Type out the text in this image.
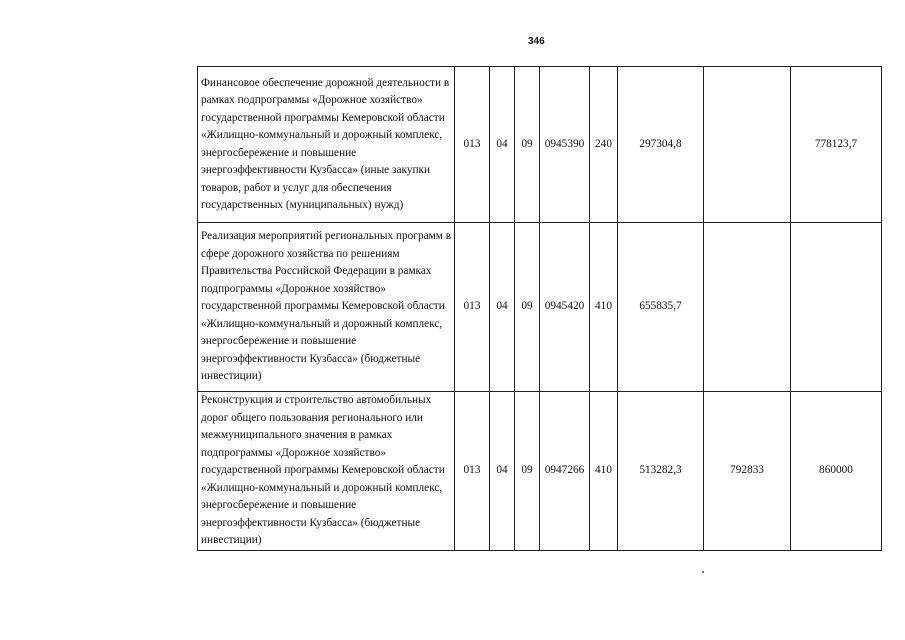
346
Финансовое обеспечение дорожной деятельности в рамках подпрограммы «Дорожное хозяйство» государственной программы Кемеровской области «Жилищно-коммунальный и дорожный комплекс, энергосбережение и повышение энергоэффективности Кузбасса» (иные закупки товаров, работ и услуг для обеспечения государственных (муниципальных) нужд)	013	04	09	0945390	240	297304,8		778123,7
Реализация мероприятий региональных программ в сфере дорожного хозяйства по решениям Правительства Российской Федерации в рамках подпрограммы «Дорожное хозяйство» государственной программы Кемеровской области «Жилищно-коммунальный и дорожный комплекс, энергосбережение и повышение энергоэффективности Кузбасса» (бюджетные инвестиции)	013	04	09	0945420	410	655835,7		
Реконструкция и строительство автомобильных дорог общего пользования регионального или межмуниципального значения в рамках подпрограммы «Дорожное хозяйство» государственной программы Кемеровской области «Жилищно-коммунальный и дорожный комплекс, энергосбережение и повышение энергоэффективности Кузбасса» (бюджетные инвестиции)	013	04	09	0947266	410	513282,3	792833	860000
